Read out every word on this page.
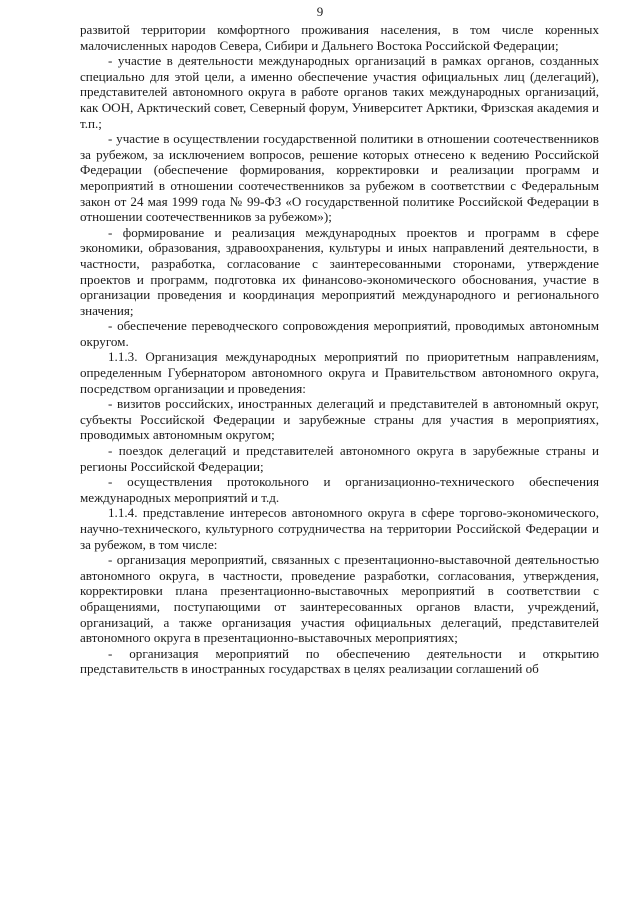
9

развитой территории комфортного проживания населения, в том числе коренных малочисленных народов Севера, Сибири и Дальнего Востока Российской Федерации;

- участие в деятельности международных организаций в рамках органов, созданных специально для этой цели, а именно обеспечение участия официальных лиц (делегаций), представителей автономного округа в работе органов таких международных организаций, как ООН, Арктический совет, Северный форум, Университет Арктики, Фризская академия и т.п.;

- участие в осуществлении государственной политики в отношении соотечественников за рубежом, за исключением вопросов, решение которых отнесено к ведению Российской Федерации (обеспечение формирования, корректировки и реализации программ и мероприятий в отношении соотечественников за рубежом в соответствии с Федеральным закон от 24 мая 1999 года № 99-ФЗ «О государственной политике Российской Федерации в отношении соотечественников за рубежом»);

- формирование и реализация международных проектов и программ в сфере экономики, образования, здравоохранения, культуры и иных направлений деятельности, в частности, разработка, согласование с заинтересованными сторонами, утверждение проектов и программ, подготовка их финансово-экономического обоснования, участие в организации проведения и координация мероприятий международного и регионального значения;

- обеспечение переводческого сопровождения мероприятий, проводимых автономным округом.

1.1.3. Организация международных мероприятий по приоритетным направлениям, определенным Губернатором автономного округа и Правительством автономного округа, посредством организации и проведения:

- визитов российских, иностранных делегаций и представителей в автономный округ, субъекты Российской Федерации и зарубежные страны для участия в мероприятиях, проводимых автономным округом;

- поездок делегаций и представителей автономного округа в зарубежные страны и регионы Российской Федерации;

- осуществления протокольного и организационно-технического обеспечения международных мероприятий и т.д.

1.1.4. представление интересов автономного округа в сфере торгово-экономического, научно-технического, культурного сотрудничества на территории Российской Федерации и за рубежом, в том числе:

- организация мероприятий, связанных с презентационно-выставочной деятельностью автономного округа, в частности, проведение разработки, согласования, утверждения, корректировки плана презентационно-выставочных мероприятий в соответствии с обращениями, поступающими от заинтересованных органов власти, учреждений, организаций, а также организация участия официальных делегаций, представителей автономного округа в презентационно-выставочных мероприятиях;

- организация мероприятий по обеспечению деятельности и открытию представительств в иностранных государствах в целях реализации соглашений об
